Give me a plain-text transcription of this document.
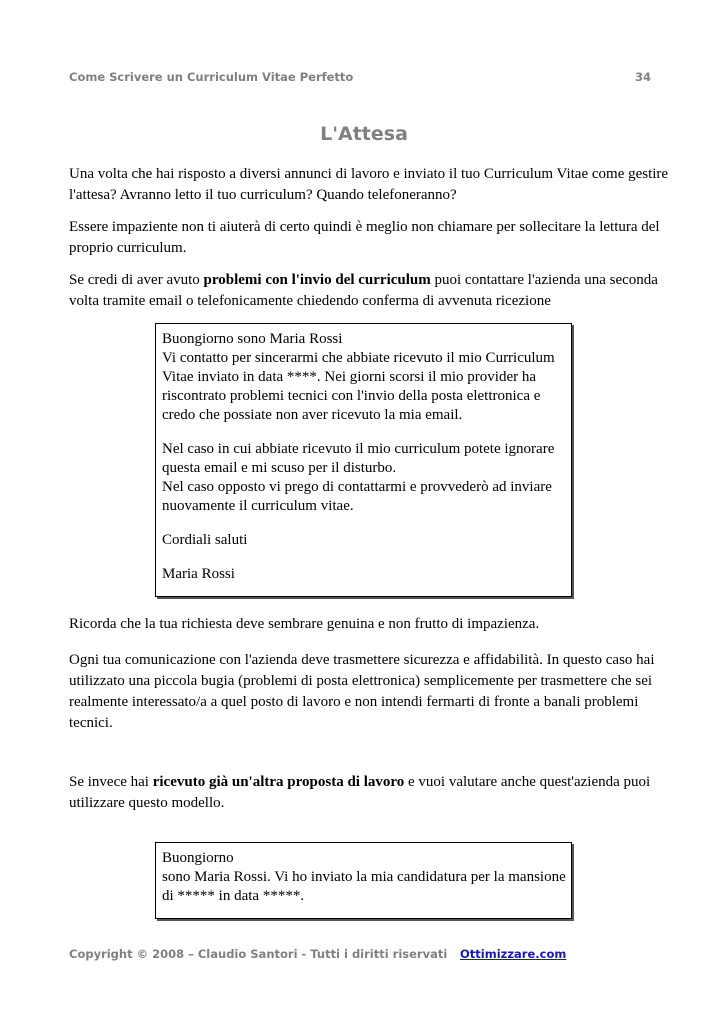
Come Scrivere un Curriculum Vitae Perfetto	34
L'Attesa

Una volta che hai risposto a diversi annunci di lavoro e inviato il tuo Curriculum Vitae come gestire l'attesa? Avranno letto il tuo curriculum? Quando telefoneranno?

Essere impaziente non ti aiuterà di certo quindi è meglio non chiamare per sollecitare la lettura del proprio curriculum.

Se credi di aver avuto problemi con l'invio del curriculum puoi contattare l'azienda una seconda volta tramite email o telefonicamente chiedendo conferma di avvenuta ricezione

Buongiorno sono Maria Rossi

Vi contatto per sincerarmi che abbiate ricevuto il mio Curriculum Vitae inviato in data ****. Nei giorni scorsi il mio provider ha riscontrato problemi tecnici con l'invio della posta elettronica e credo che possiate non aver ricevuto la mia email.

Nel caso in cui abbiate ricevuto il mio curriculum potete ignorare questa email e mi scuso per il disturbo.

Nel caso opposto vi prego di contattarmi e provvederò ad inviare nuovamente il curriculum vitae.

Cordiali saluti

Maria Rossi

Ricorda che la tua richiesta deve sembrare genuina e non frutto di impazienza.

Ogni tua comunicazione con l'azienda deve trasmettere sicurezza e affidabilità. In questo caso hai utilizzato una piccola bugia (problemi di posta elettronica) semplicemente per trasmettere che sei realmente interessato/a a quel posto di lavoro e non intendi fermarti di fronte a banali problemi tecnici.

Se invece hai ricevuto già un'altra proposta di lavoro e vuoi valutare anche quest'azienda puoi utilizzare questo modello.

Buongiorno

sono Maria Rossi. Vi ho inviato la mia candidatura per la mansione di ***** in data *****.

Copyright © 2008 – Claudio Santori - Tutti i diritti riservati Ottimizzare.com
